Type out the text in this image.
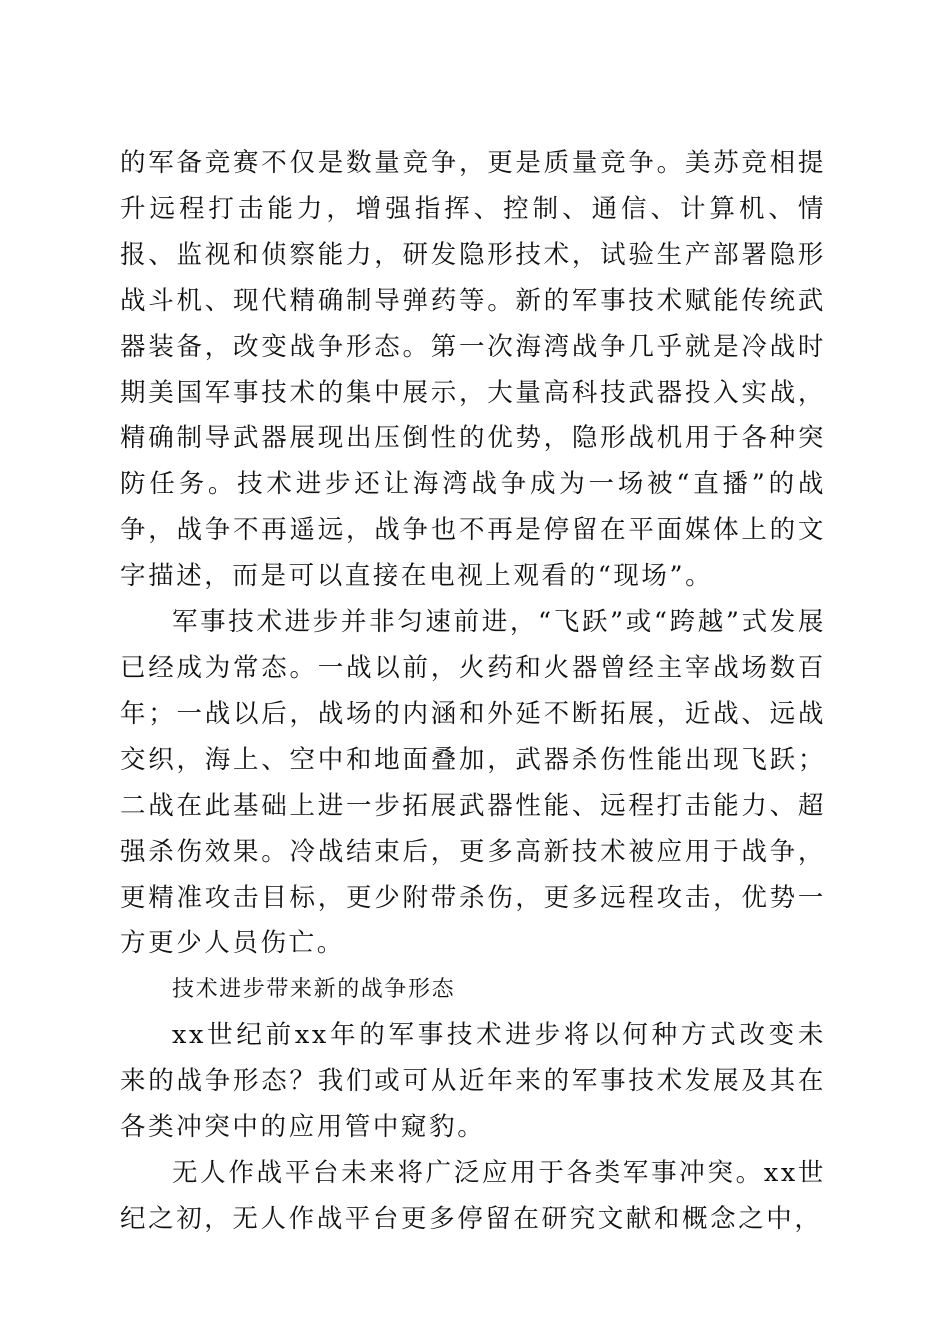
的军备竞赛不仅是数量竞争，更是质量竞争。美苏竞相提升远程打击能力，增强指挥、控制、通信、计算机、情报、监视和侦察能力，研发隐形技术，试验生产部署隐形战斗机、现代精确制导弹药等。新的军事技术赋能传统武器装备，改变战争形态。第一次海湾战争几乎就是冷战时期美国军事技术的集中展示，大量高科技武器投入实战，精确制导武器展现出压倒性的优势，隐形战机用于各种突防任务。技术进步还让海湾战争成为一场被“直播”的战争，战争不再遥远，战争也不再是停留在平面媒体上的文字描述，而是可以直接在电视上观看的“现场”。

军事技术进步并非匀速前进，“飞跃”或“跨越”式发展已经成为常态。一战以前，火药和火器曾经主宰战场数百年；一战以后，战场的内涵和外延不断拓展，近战、远战交织，海上、空中和地面叠加，武器杀伤性能出现飞跃；二战在此基础上进一步拓展武器性能、远程打击能力、超强杀伤效果。冷战结束后，更多高新技术被应用于战争，更精准攻击目标，更少附带杀伤，更多远程攻击，优势一方更少人员伤亡。

技术进步带来新的战争形态

xx世纪前xx年的军事技术进步将以何种方式改变未来的战争形态？我们或可从近年来的军事技术发展及其在各类冲突中的应用管中窥豹。

无人作战平台未来将广泛应用于各类军事冲突。xx世纪之初，无人作战平台更多停留在研究文献和概念之中，
